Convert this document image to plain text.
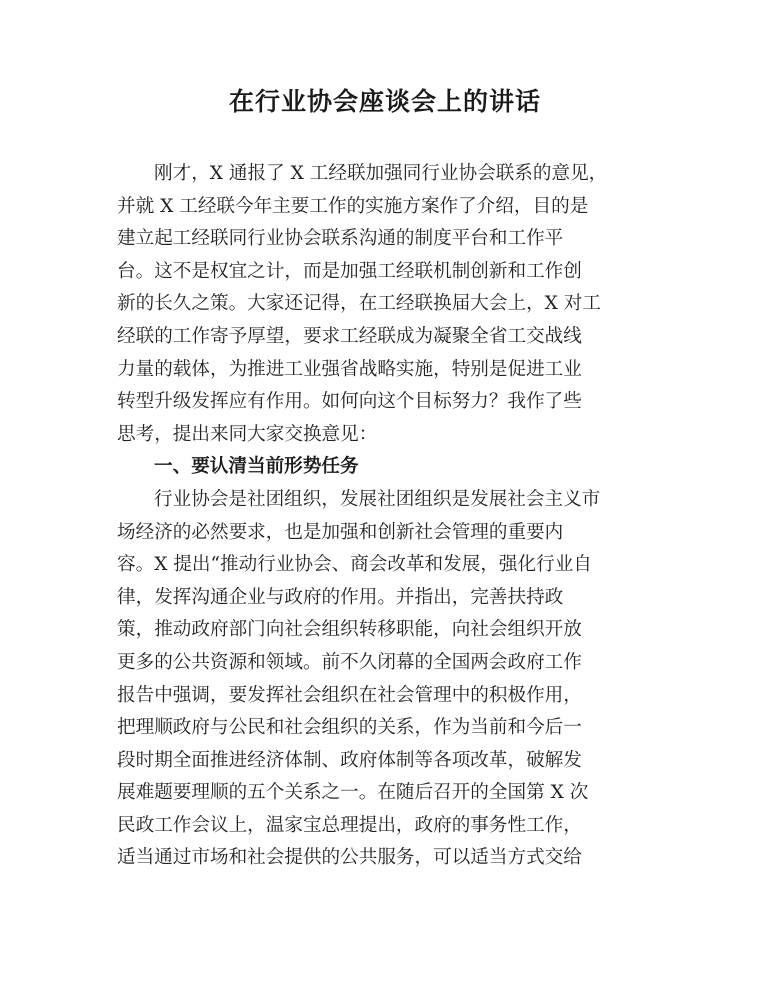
在行业协会座谈会上的讲话
刚才，X 通报了 X 工经联加强同行业协会联系的意见，
并就 X 工经联今年主要工作的实施方案作了介绍，目的是
建立起工经联同行业协会联系沟通的制度平台和工作平
台。这不是权宜之计，而是加强工经联机制创新和工作创
新的长久之策。大家还记得，在工经联换届大会上，X 对工
经联的工作寄予厚望，要求工经联成为凝聚全省工交战线
力量的载体，为推进工业强省战略实施，特别是促进工业
转型升级发挥应有作用。如何向这个目标努力？我作了些
思考，提出来同大家交换意见：
一、要认清当前形势任务
行业协会是社团组织，发展社团组织是发展社会主义市
场经济的必然要求，也是加强和创新社会管理的重要内
容。X 提出“推动行业协会、商会改革和发展，强化行业自
律，发挥沟通企业与政府的作用。并指出，完善扶持政
策，推动政府部门向社会组织转移职能，向社会组织开放
更多的公共资源和领域。前不久闭幕的全国两会政府工作
报告中强调，要发挥社会组织在社会管理中的积极作用，
把理顺政府与公民和社会组织的关系，作为当前和今后一
段时期全面推进经济体制、政府体制等各项改革，破解发
展难题要理顺的五个关系之一。在随后召开的全国第 X 次
民政工作会议上，温家宝总理提出，政府的事务性工作，
适当通过市场和社会提供的公共服务，可以适当方式交给
